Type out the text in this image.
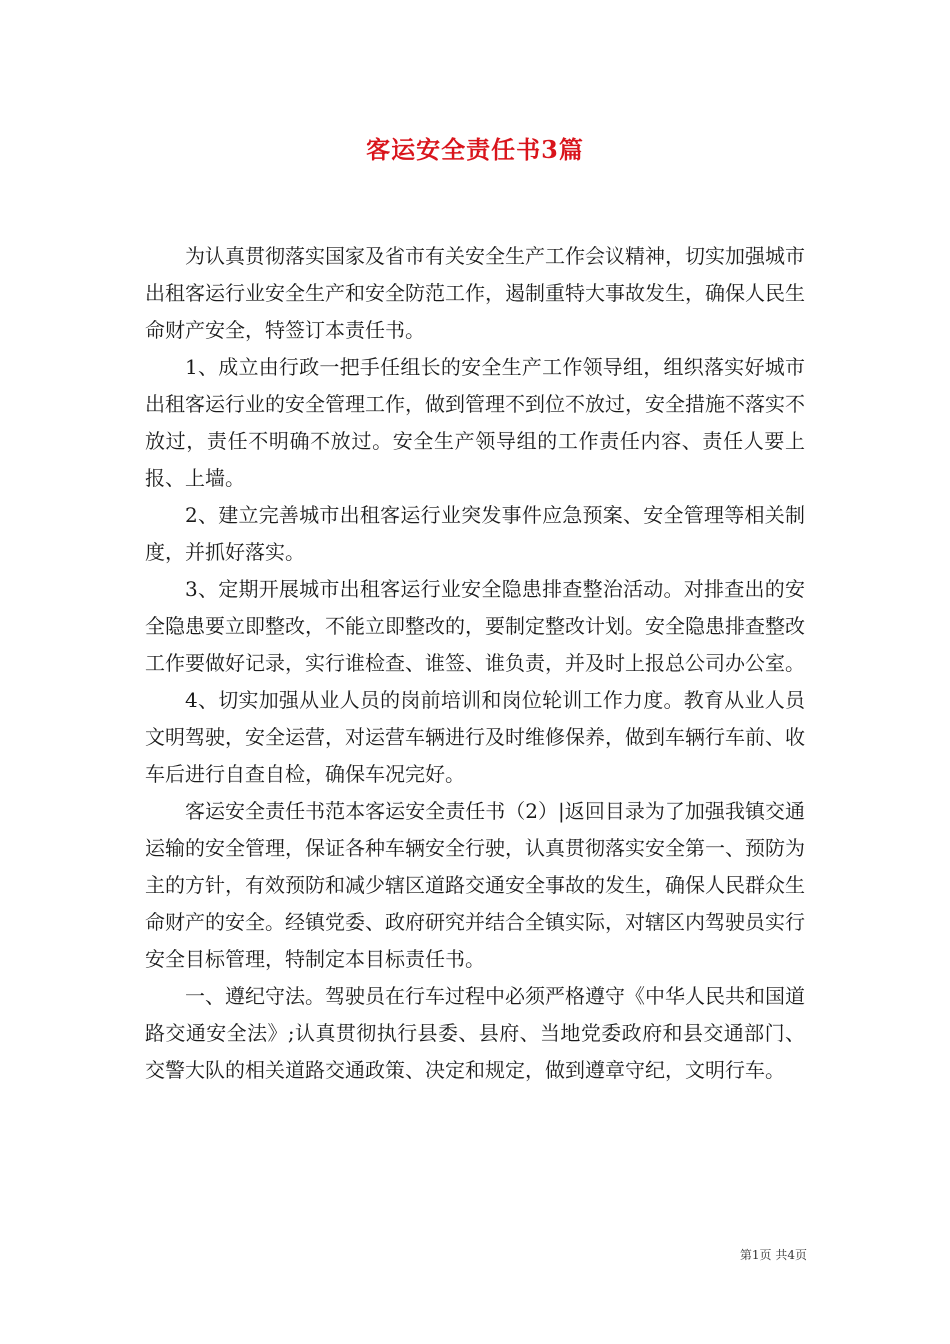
客运安全责任书3篇

为认真贯彻落实国家及省市有关安全生产工作会议精神，切实加强城市出租客运行业安全生产和安全防范工作，遏制重特大事故发生，确保人民生命财产安全，特签订本责任书。

1、成立由行政一把手任组长的安全生产工作领导组，组织落实好城市出租客运行业的安全管理工作，做到管理不到位不放过，安全措施不落实不放过，责任不明确不放过。安全生产领导组的工作责任内容、责任人要上报、上墙。

2、建立完善城市出租客运行业突发事件应急预案、安全管理等相关制度，并抓好落实。

3、定期开展城市出租客运行业安全隐患排查整治活动。对排查出的安全隐患要立即整改，不能立即整改的，要制定整改计划。安全隐患排查整改工作要做好记录，实行谁检查、谁签、谁负责，并及时上报总公司办公室。

4、切实加强从业人员的岗前培训和岗位轮训工作力度。教育从业人员文明驾驶，安全运营，对运营车辆进行及时维修保养，做到车辆行车前、收车后进行自查自检，确保车况完好。

客运安全责任书范本客运安全责任书（2）|返回目录为了加强我镇交通运输的安全管理，保证各种车辆安全行驶，认真贯彻落实安全第一、预防为主的方针，有效预防和减少辖区道路交通安全事故的发生，确保人民群众生命财产的安全。经镇党委、政府研究并结合全镇实际，对辖区内驾驶员实行安全目标管理，特制定本目标责任书。

一、遵纪守法。驾驶员在行车过程中必须严格遵守《中华人民共和国道路交通安全法》;认真贯彻执行县委、县府、当地党委政府和县交通部门、交警大队的相关道路交通政策、决定和规定，做到遵章守纪，文明行车。

第1页 共4页
